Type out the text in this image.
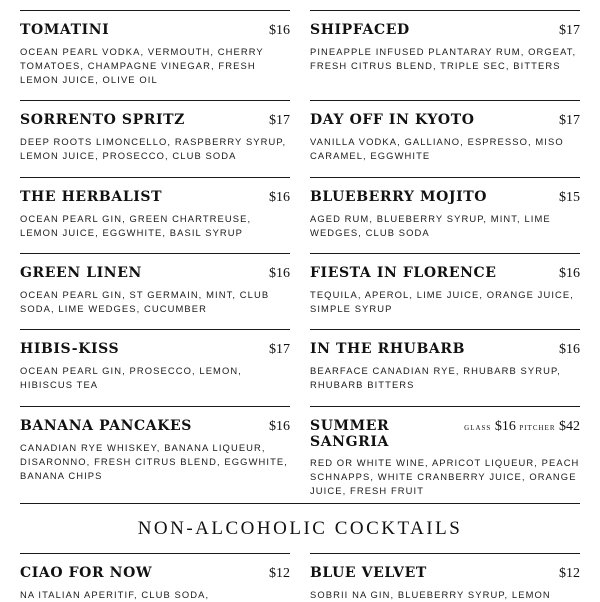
TOMATINI	$16
OCEAN PEARL VODKA, VERMOUTH, CHERRY TOMATOES, CHAMPAGNE VINEGAR, FRESH LEMON JUICE, OLIVE OIL
SORRENTO SPRITZ	$17
DEEP ROOTS LIMONCELLO, RASPBERRY SYRUP, LEMON JUICE, PROSECCO, CLUB SODA
THE HERBALIST	$16
OCEAN PEARL GIN, GREEN CHARTREUSE, LEMON JUICE, EGGWHITE, BASIL SYRUP
GREEN LINEN	$16
OCEAN PEARL GIN, ST GERMAIN, MINT, CLUB SODA, LIME WEDGES, CUCUMBER
HIBIS-KISS	$17
OCEAN PEARL GIN, PROSECCO, LEMON, HIBISCUS TEA
BANANA PANCAKES	$16
CANADIAN RYE WHISKEY, BANANA LIQUEUR, DISARONNO, FRESH CITRUS BLEND, EGGWHITE, BANANA CHIPS
CIAO FOR NOW	$12
NA ITALIAN APERITIF, CLUB SODA,
SHIPFACED	$17
PINEAPPLE INFUSED PLANTARAY RUM, ORGEAT, FRESH CITRUS BLEND, TRIPLE SEC, BITTERS
DAY OFF IN KYOTO	$17
VANILLA VODKA, GALLIANO, ESPRESSO, MISO CARAMEL, EGGWHITE
BLUEBERRY MOJITO	$15
AGED RUM, BLUEBERRY SYRUP, MINT, LIME WEDGES, CLUB SODA
FIESTA IN FLORENCE	$16
TEQUILA, APEROL, LIME JUICE, ORANGE JUICE, SIMPLE SYRUP
IN THE RHUBARB	$16
BEARFACE CANADIAN RYE, RHUBARB SYRUP, RHUBARB BITTERS
SUMMER SANGRIA
GLASS $16 PITCHER $42
RED OR WHITE WINE, APRICOT LIQUEUR, PEACH SCHNAPPS, WHITE CRANBERRY JUICE, ORANGE JUICE, FRESH FRUIT
BLUE VELVET	$12
SOBRII NA GIN, BLUEBERRY SYRUP, LEMON
NON-ALCOHOLIC COCKTAILS
